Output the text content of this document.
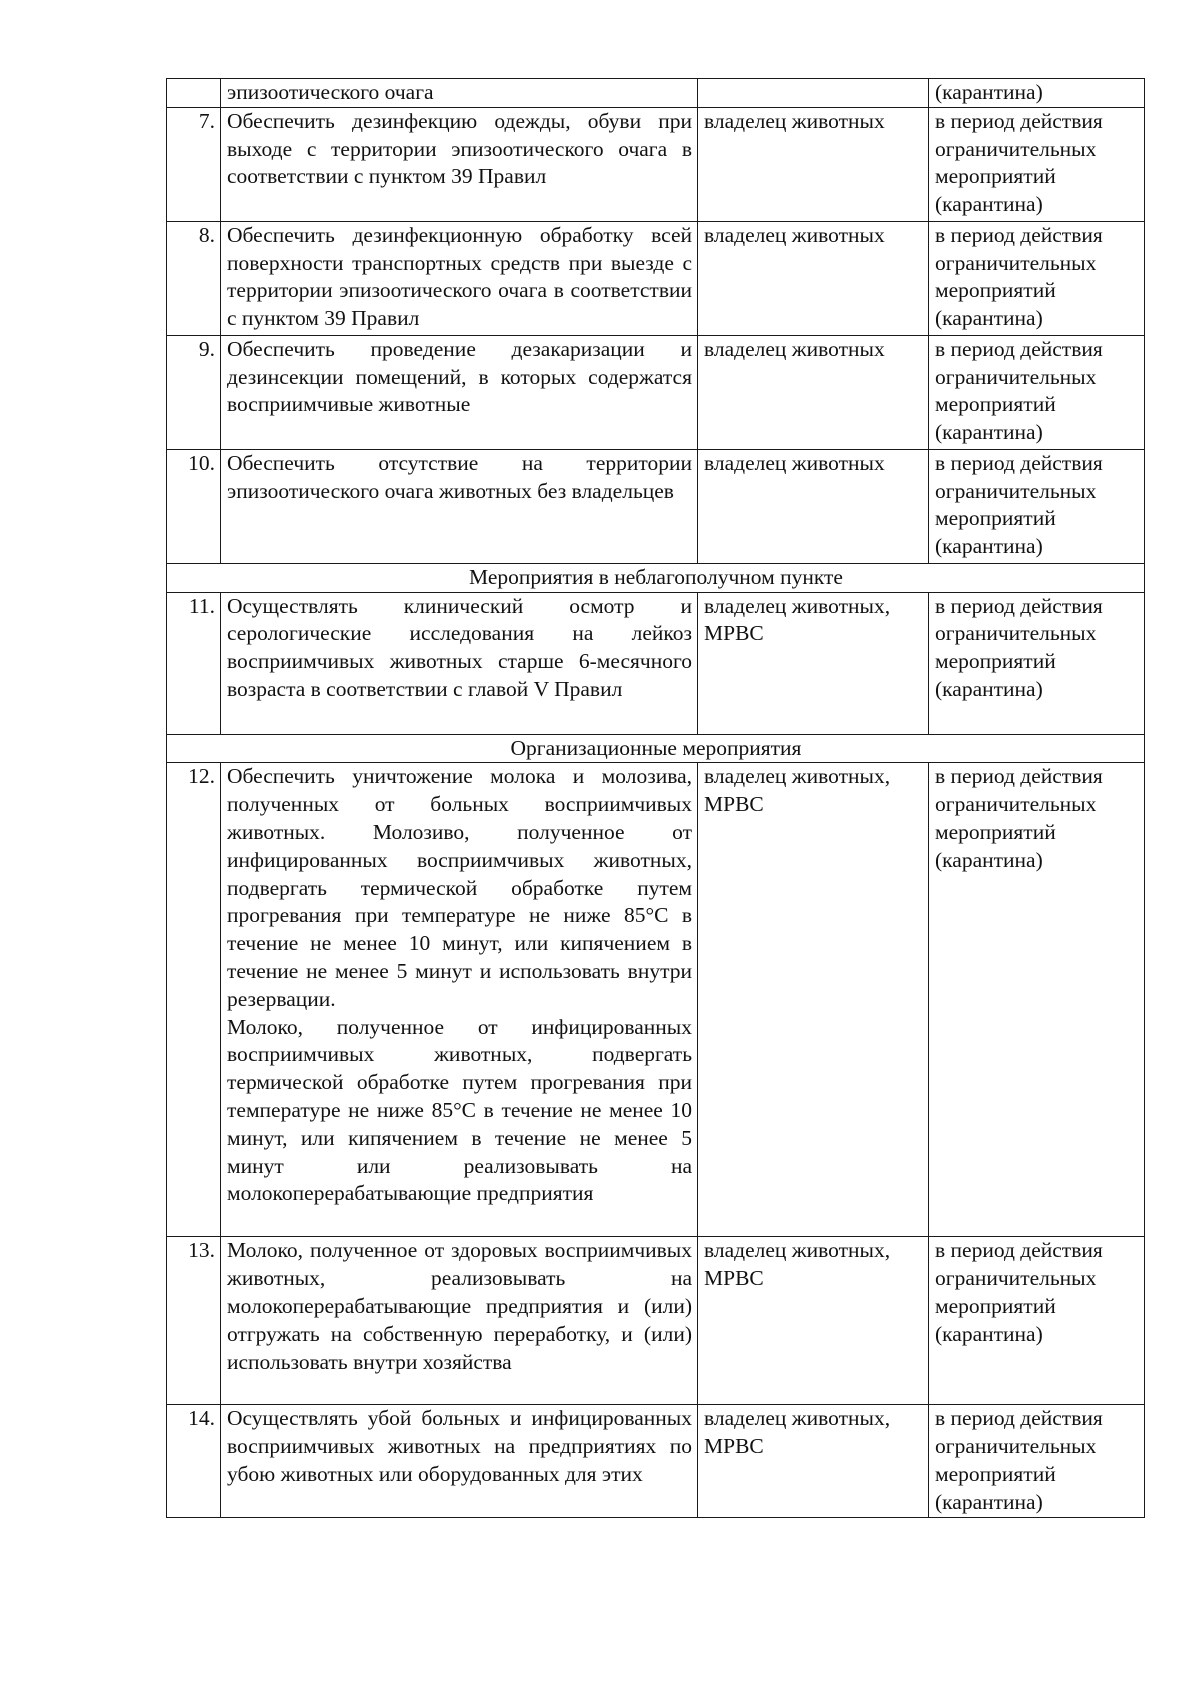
	эпизоотического очага		(карантина)
7.	Обеспечить дезинфекцию одежды, обуви при выходе с территории эпизоотического очага в соответствии с пунктом 39 Правил	владелец животных	в период действия ограничительных мероприятий (карантина)
8.	Обеспечить дезинфекционную обработку всей поверхности транспортных средств при выезде с территории эпизоотического очага в соответствии с пунктом 39 Правил	владелец животных	в период действия ограничительных мероприятий (карантина)
9.	Обеспечить проведение дезакаризации и дезинсекции помещений, в которых содержатся восприимчивые животные	владелец животных	в период действия ограничительных мероприятий (карантина)
10.	Обеспечить отсутствие на территории эпизоотического очага животных без владельцев	владелец животных	в период действия ограничительных мероприятий (карантина)
Мероприятия в неблагополучном пункте			
11.	Осуществлять клинический осмотр и серологические исследования на лейкоз восприимчивых животных старше 6-месячного возраста в соответствии с главой V Правил	владелец животных, МРВС	в период действия ограничительных мероприятий (карантина)
Организационные мероприятия			
12.	Обеспечить уничтожение молока и молозива, полученных от больных восприимчивых животных. Молозиво, полученное от инфицированных восприимчивых животных, подвергать термической обработке путем прогревания при температуре не ниже 85°С в течение не менее 10 минут, или кипячением в течение не менее 5 минут и использовать внутри резервации.

Молоко, полученное от инфицированных восприимчивых животных, подвергать термической обработке путем прогревания при температуре не ниже 85°С в течение не менее 10 минут, или кипячением в течение не менее 5 минут или реализовывать на молокоперерабатывающие предприятия	владелец животных, МРВС	в период действия ограничительных мероприятий (карантина)
13.	Молоко, полученное от здоровых восприимчивых животных, реализовывать на молокоперерабатывающие предприятия и (или) отгружать на собственную переработку, и (или) использовать внутри хозяйства	владелец животных, МРВС	в период действия ограничительных мероприятий (карантина)
14.	Осуществлять убой больных и инфицированных восприимчивых животных на предприятиях по убою животных или оборудованных для этих	владелец животных, МРВС	в период действия ограничительных мероприятий (карантина)
